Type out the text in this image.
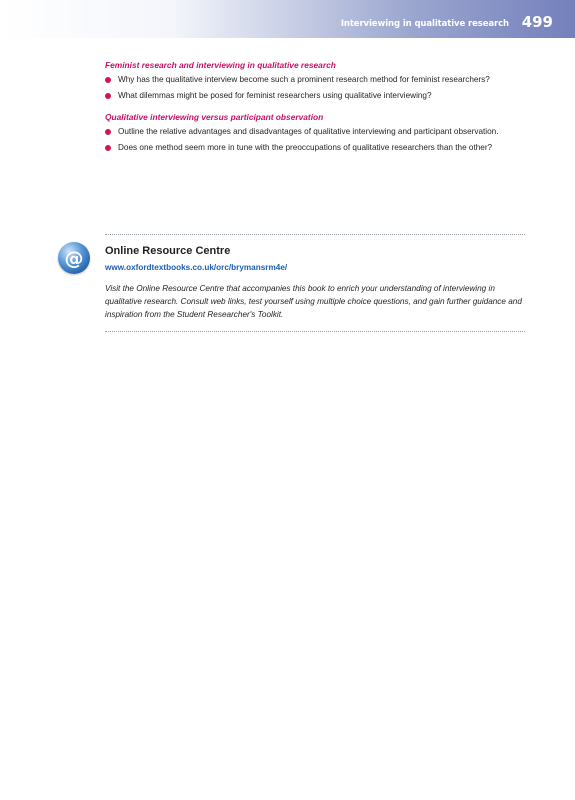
Interviewing in qualitative research 499

Feminist research and interviewing in qualitative research

Why has the qualitative interview become such a prominent research method for feminist researchers?
What dilemmas might be posed for feminist researchers using qualitative interviewing?

Qualitative interviewing versus participant observation

Outline the relative advantages and disadvantages of qualitative interviewing and participant observation.
Does one method seem more in tune with the preoccupations of qualitative researchers than the other?
@ Online Resource Centre
www.oxfordtextbooks.co.uk/orc/brymansrm4e/
Visit the Online Resource Centre that accompanies this book to enrich your understanding of interviewing in qualitative research. Consult web links, test yourself using multiple choice questions, and gain further guidance and inspiration from the Student Researcher's Toolkit.
